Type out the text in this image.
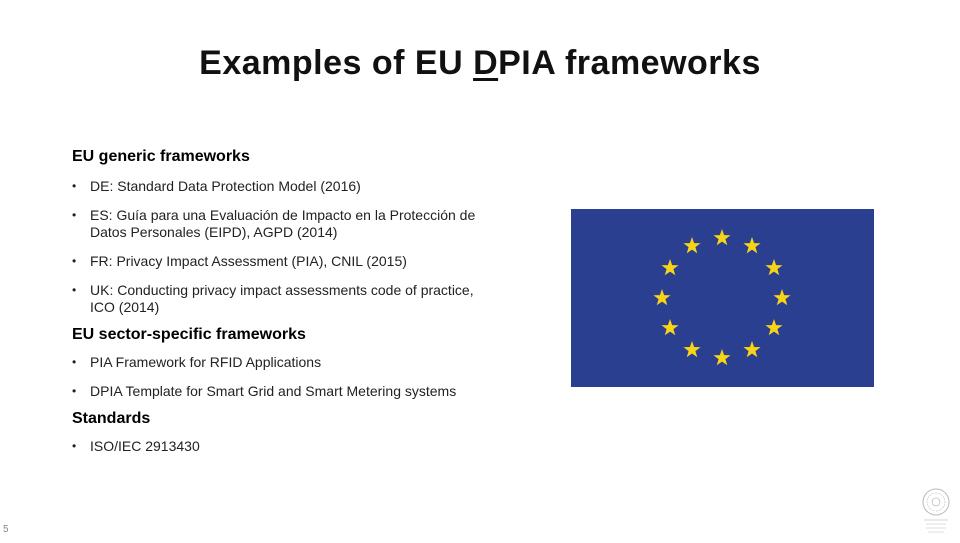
Examples of EU DPIA frameworks

EU generic frameworks

• DE: Standard Data Protection Model (2016)
• ES: Guía para una Evaluación de Impacto en la Protección de Datos Personales (EIPD), AGPD (2014)
• FR: Privacy Impact Assessment (PIA), CNIL (2015)
• UK: Conducting privacy impact assessments code of practice, ICO (2014)

EU sector-specific frameworks

• PIA Framework for RFID Applications
• DPIA Template for Smart Grid and Smart Metering systems

Standards

• ISO/IEC 2913430
5
